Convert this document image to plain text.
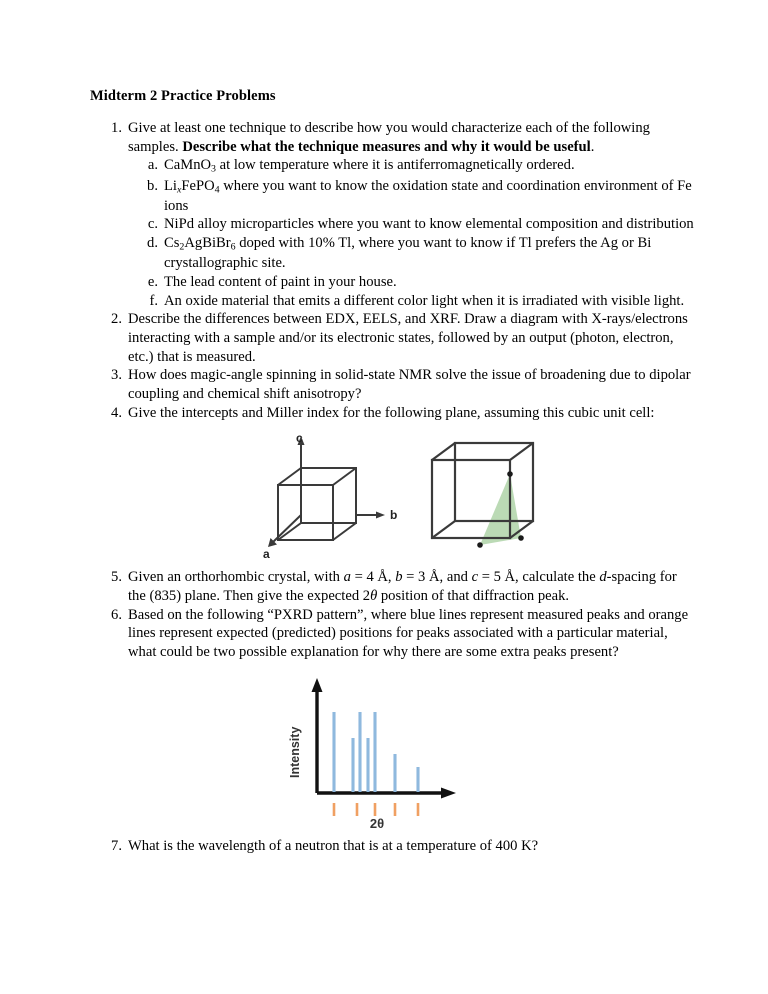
Midterm 2 Practice Problems
1. Give at least one technique to describe how you would characterize each of the following samples. Describe what the technique measures and why it would be useful.
a. CaMnO$_3$ at low temperature where it is antiferromagnetically ordered.
b. LixFePO$_4$ where you want to know the oxidation state and coordination environment of Fe ions
c. NiPd alloy microparticles where you want to know elemental composition and distribution
d. $Cs_2AgBiBr_6$ doped with 10% Tl, where you want to know if Tl prefers the Ag or Bi crystallographic site.
e. The lead content of paint in your house.
f. An oxide material that emits a different color light when it is irradiated with visible light.
2. Describe the differences between EDX, EELS, and XRF. Draw a diagram with X-rays/electrons interacting with a sample and/or its electronic states, followed by an output (photon, electron, etc.) that is measured.
3. How does magic-angle spinning in solid-state NMR solve the issue of broadening due to dipolar coupling and chemical shift anisotropy?
4. Give the intercepts and Miller index for the following plane, assuming this cubic unit cell:
c
b
a
5. Given an orthorhombic crystal, with a = 4 Å, b = 3 Å, and c = 5 Å, calculate the d-spacing for the (835) plane. Then give the expected 2θ position of that diffraction peak.
6. Based on the following “PXRD pattern”, where blue lines represent measured peaks and orange lines represent expected (predicted) positions for peaks associated with a particular material, what could be two possible explanation for why there are some extra peaks present?
Intensity
2θ
7. What is the wavelength of a neutron that is at a temperature of 400 K?
